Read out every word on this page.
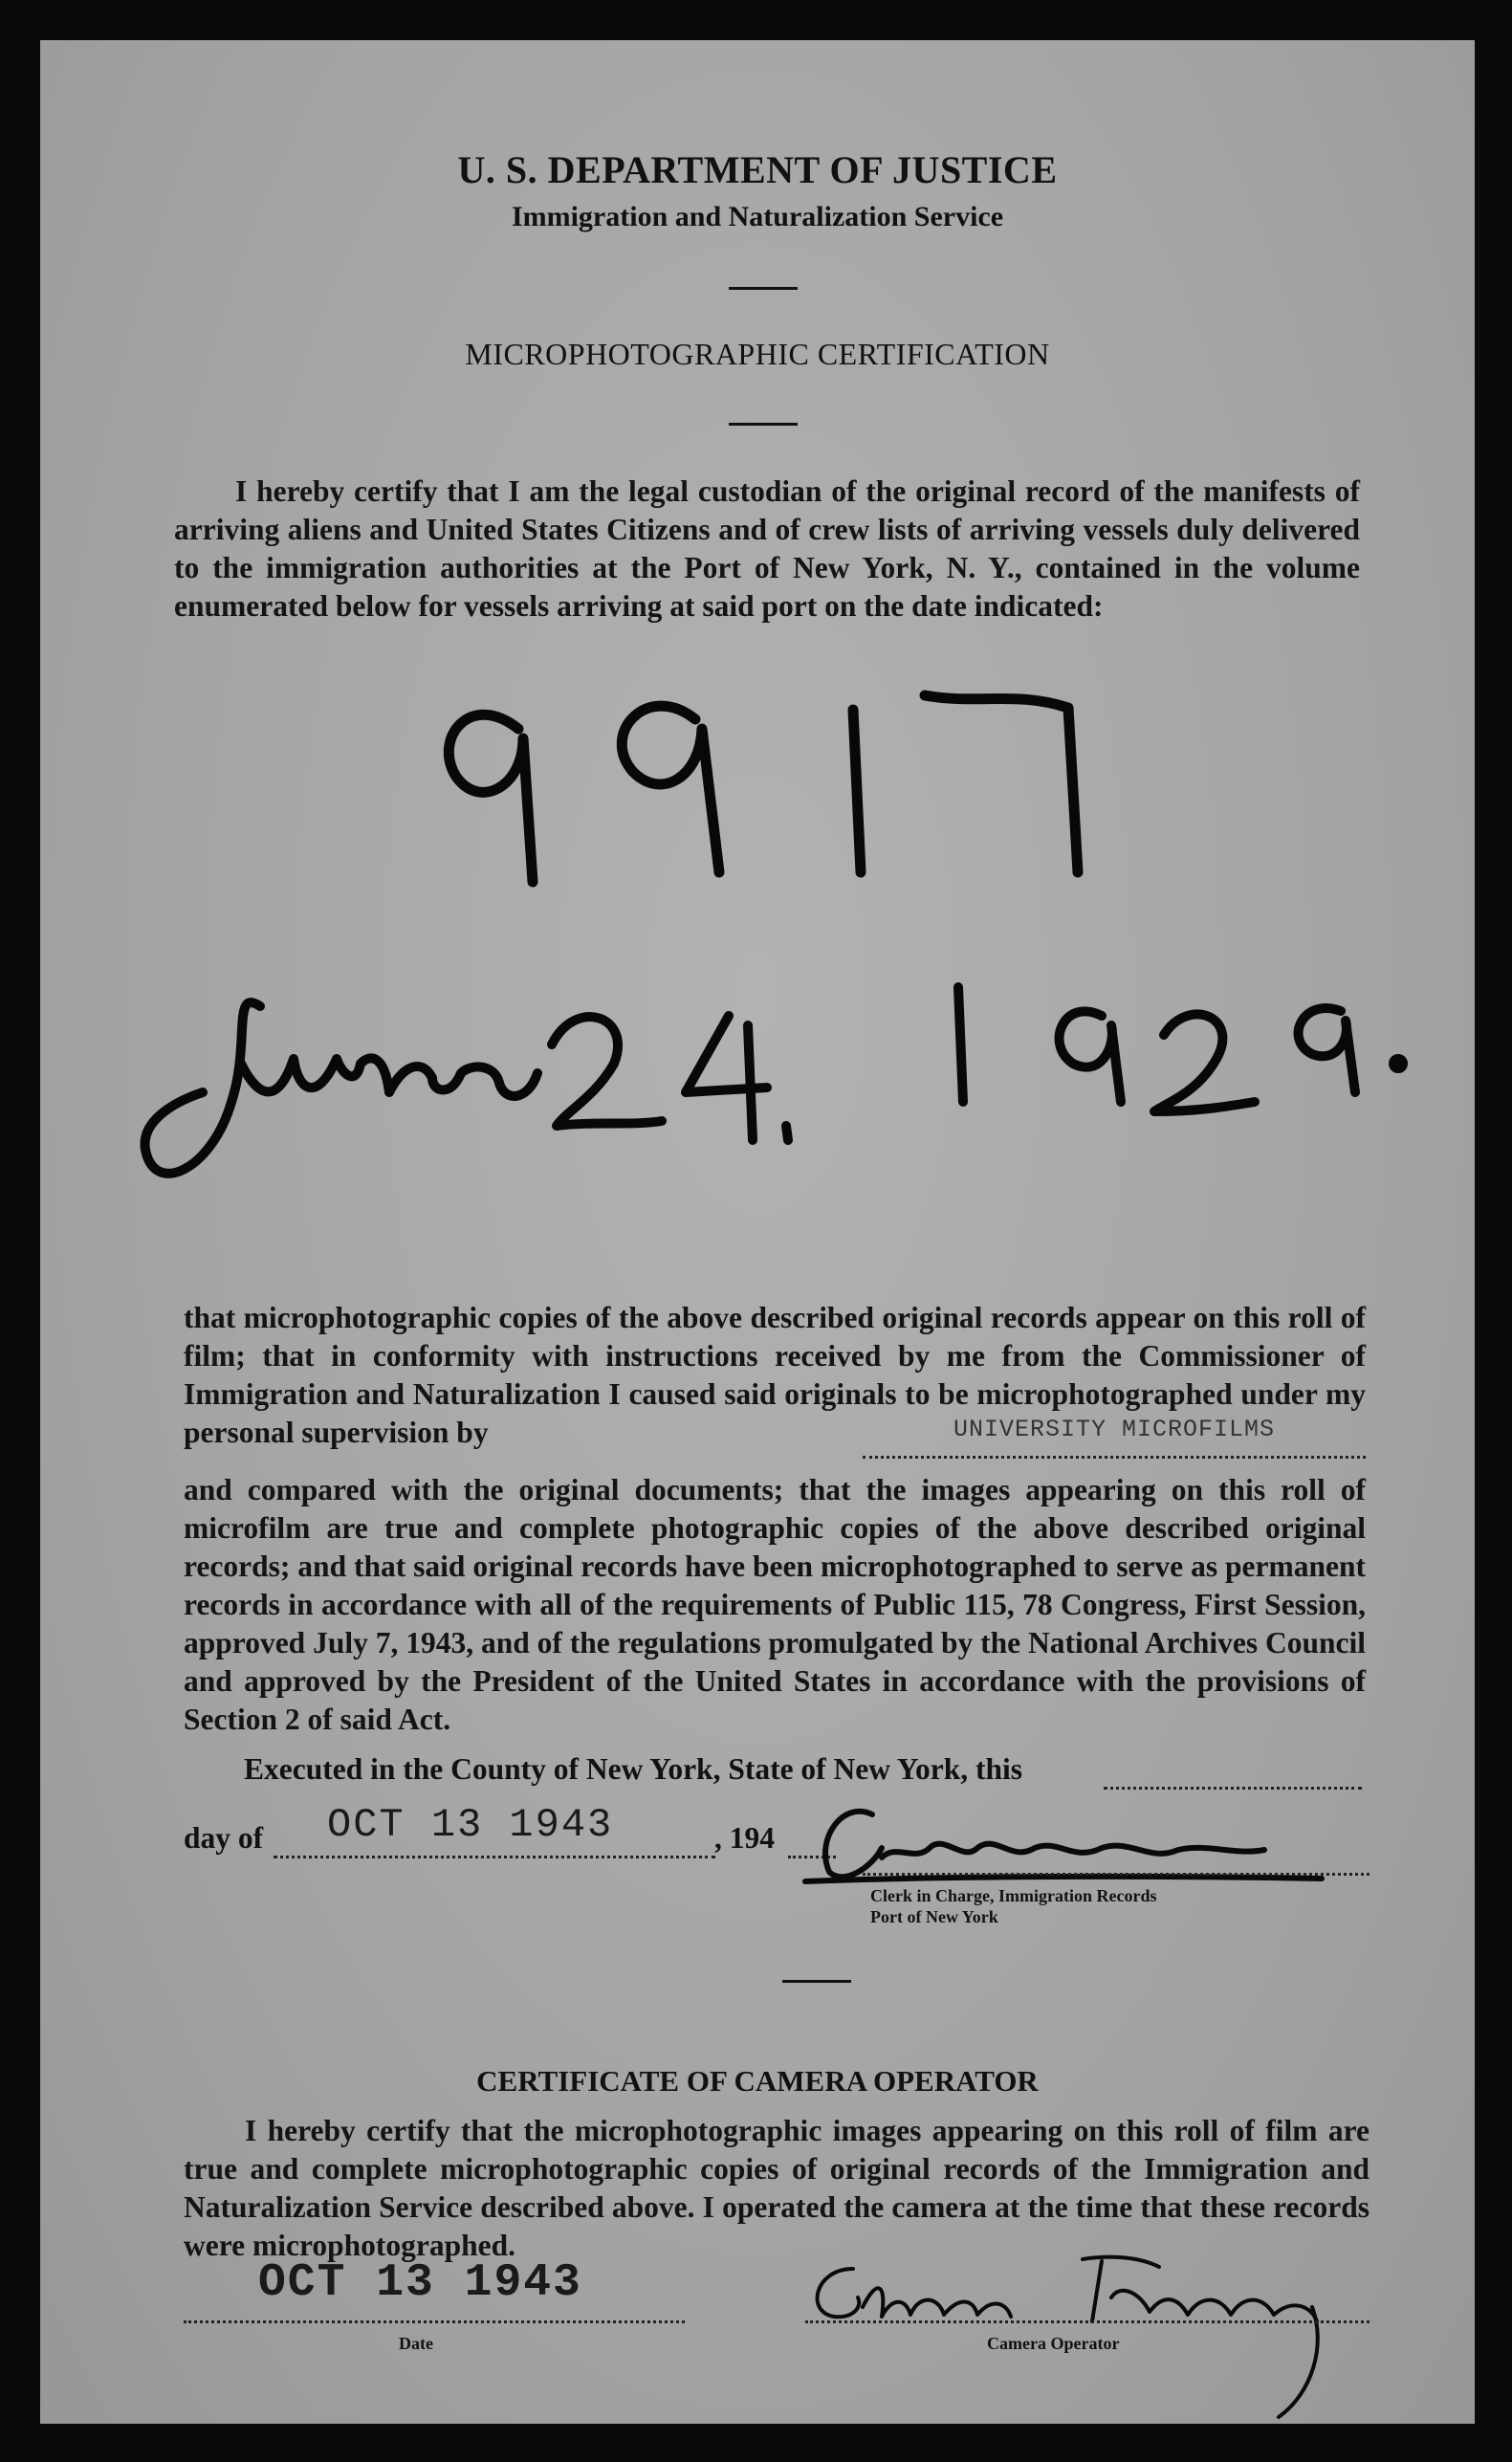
U. S. DEPARTMENT OF JUSTICE
Immigration and Naturalization Service
MICROPHOTOGRAPHIC CERTIFICATION

I hereby certify that I am the legal custodian of the original record of the manifests of arriving aliens and United States Citizens and of crew lists of arriving vessels duly delivered to the immigration authorities at the Port of New York, N. Y., contained in the volume enumerated below for vessels arriving at said port on the date indicated:

that microphotographic copies of the above described original records appear on this roll of film; that in conformity with instructions received by me from the Commissioner of Immigration and Naturalization I caused said originals to be microphotographed under my personal supervision by	UNIVERSITY MICROFILMS

and compared with the original documents; that the images appearing on this roll of microfilm are true and complete photographic copies of the above described original records; and that said original records have been microphotographed to serve as permanent records in accordance with all of the requirements of Public 115, 78 Congress, First Session, approved July 7, 1943, and of the regulations promulgated by the National Archives Council and approved by the President of the United States in accordance with the provisions of Section 2 of said Act.

Executed in the County of New York, State of New York, this
day of OCT 13 1943	, 194
Clerk in Charge, Immigration Records
Port of New York
CERTIFICATE OF CAMERA OPERATOR

I hereby certify that the microphotographic images appearing on this roll of film are true and complete microphotographic copies of original records of the Immigration and Naturalization Service described above. I operated the camera at the time that these records were microphotographed.

OCT 13 1943
Date	Camera Operator
